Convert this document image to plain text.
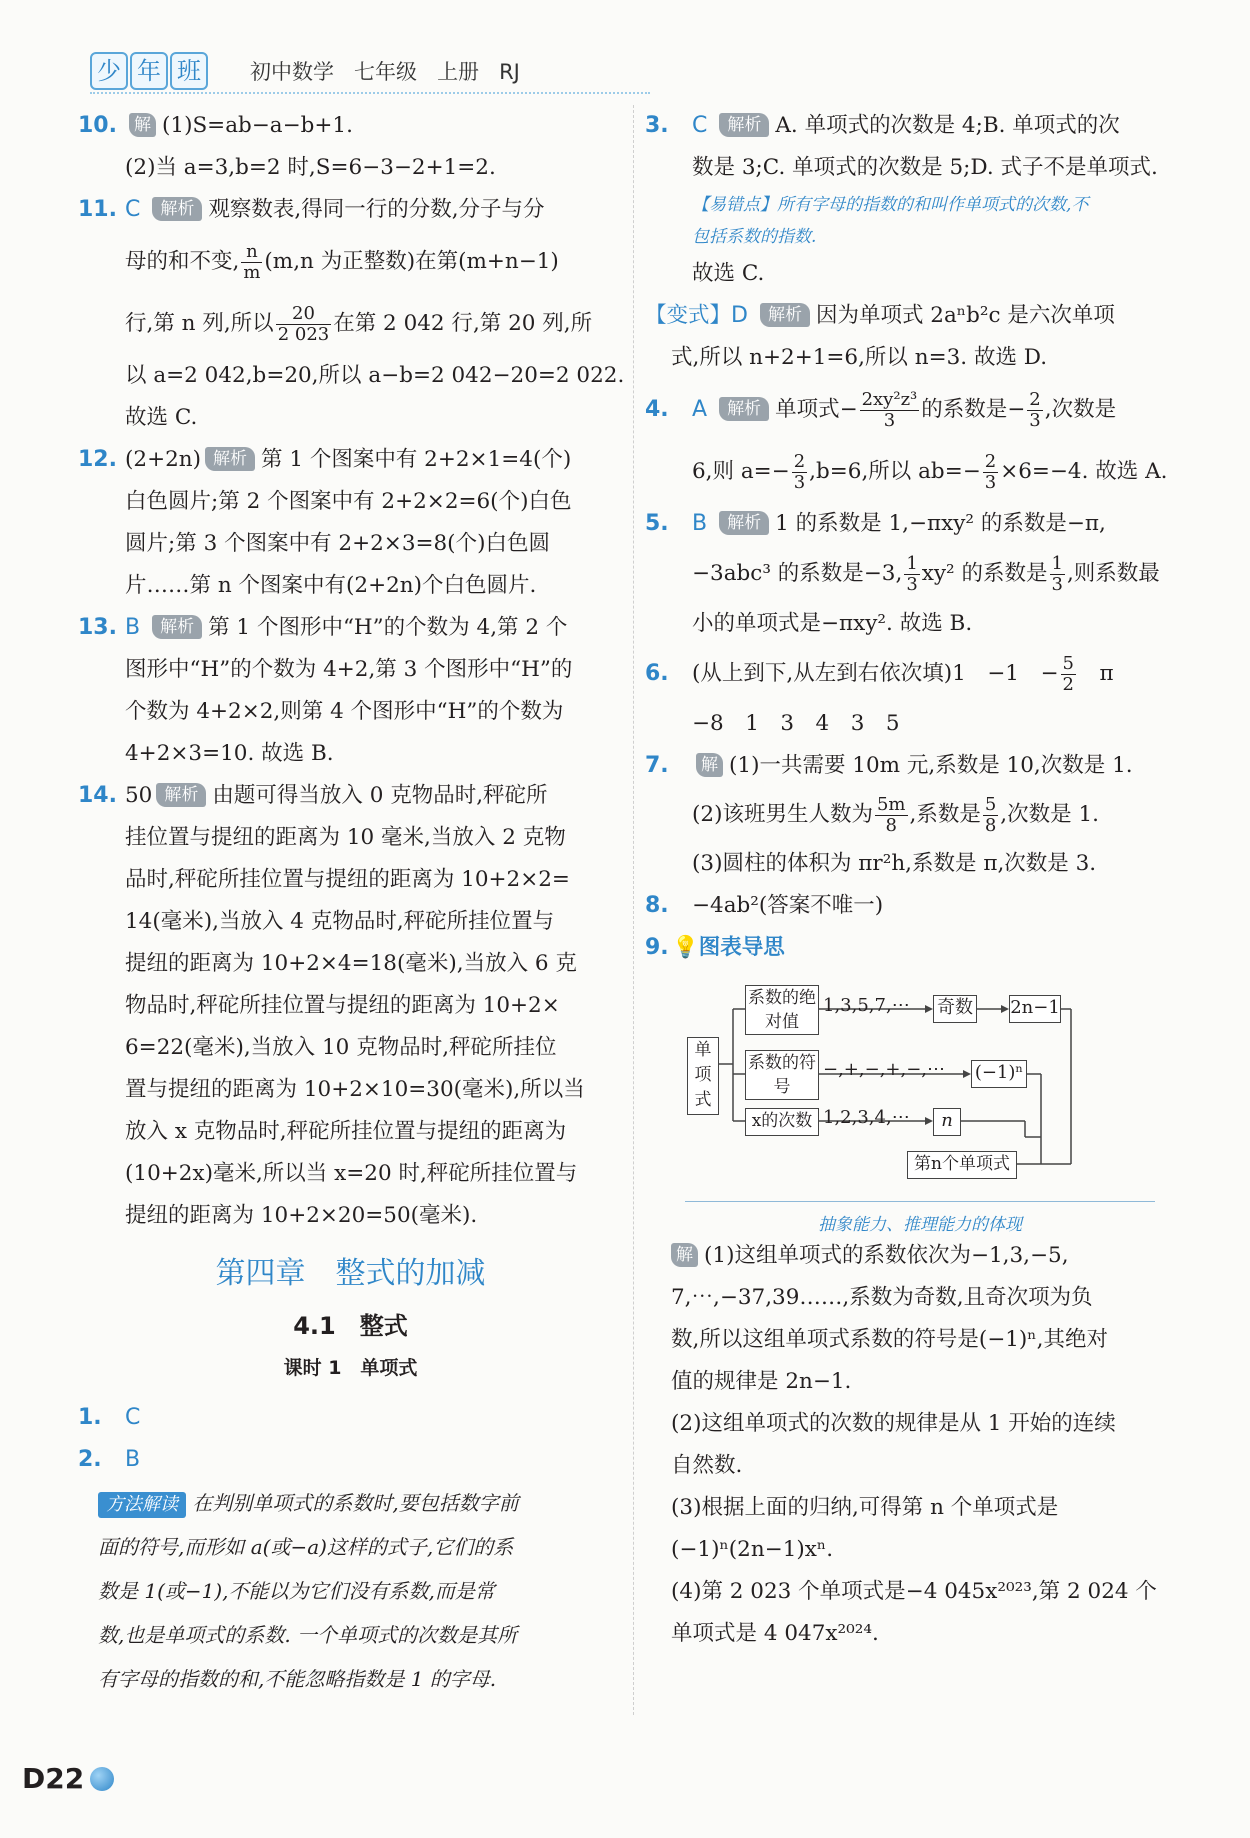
少 年 班	初中数学 七年级 上册 RJ
10.	解 (1)S=ab−a−b+1.
(2)当 a=3,b=2 时,S=6−3−2+1=2.
11. C 解析 观察数表,得同一行的分数,分子与分
母的和不变, $\frac{n}{m} (m,n$ 为正整数)在第(m+n−1)
行,第 n 列,所以 $\frac{20}{2 023}$ 在第 2 042 行,第 20 列,所
以 a=2 042,b=20,所以 a−b=2 042−20=2 022.
故选 C.
12. (2+2n) 解析 第 1 个图案中有 2+2×1=4(个)
白色圆片;第 2 个图案中有 2+2×2=6(个)白色
圆片;第 3 个图案中有 2+2×3=8(个)白色圆
片……第 n 个图案中有(2+2n)个白色圆片.
13. B 解析 第 1 个图形中“H”的个数为 4,第 2 个
图形中“H”的个数为 4+2,第 3 个图形中“H”的
个数为 4+2×2,则第 4 个图形中“H”的个数为
4+2×3=10. 故选 B.
14. 50 解析 由题可得当放入 0 克物品时,秤砣所
挂位置与提纽的距离为 10 毫米,当放入 2 克物
品时,秤砣所挂位置与提纽的距离为 10+2×2=
14(毫米),当放入 4 克物品时,秤砣所挂位置与
提纽的距离为 10+2×4=18(毫米),当放入 6 克
物品时,秤砣所挂位置与提纽的距离为 10+2×
6=22(毫米),当放入 10 克物品时,秤砣所挂位
置与提纽的距离为 10+2×10=30(毫米),所以当
放入 x 克物品时,秤砣所挂位置与提纽的距离为
(10+2x)毫米,所以当 x=20 时,秤砣所挂位置与
提纽的距离为 10+2×20=50(毫米).
第四章　整式的加减
4.1　整式
课时 1　单项式
1. C
2. B
方法解读 在判别单项式的系数时,要包括数字前
面的符号,而形如 a(或−a)这样的式子,它们的系
数是 1(或−1),不能以为它们没有系数,而是常
数,也是单项式的系数. 一个单项式的次数是其所
有字母的指数的和,不能忽略指数是 1 的字母.
3. C 解析 A. 单项式的次数是 4;B. 单项式的次
数是 3;C. 单项式的次数是 5;D. 式子不是单项式.
【易错点】所有字母的指数的和叫作单项式的次数,不
包括系数的指数.
故选 C.
【变式】D 解析 因为单项式 2aⁿb²c 是六次单项
式,所以 n+2+1=6,所以 n=3. 故选 D.
4. A 解析 单项式− $\frac{\text{2xy²z³}}{3}$ 的系数是− $\frac{2}{3}$ ,次数是
6,则 $a=- \frac{2}{3} ,b=6$,所以 $ab=- \frac{2}{3} \times 6=-4$. 故选 A.
5. B 解析 1 的系数是 1,−πxy² 的系数是−π,
−3abc³ 的系数是−3, $\frac{1}{3} xy^2$ 的系数是 $\frac{1}{3}$ ,则系数最
小的单项式是−πxy². 故选 B.
6. (从上到下,从左到右依次填)1　−1　− $\frac{5}{2}$ 　π
−8　1　3　4　3　5
7.	解 (1)一共需要 10m 元,系数是 10,次数是 1.
(2)该班男生人数为 $\frac{5m}{8}$ ,系数是 $\frac{5}{8}$ ,次数是 1.
(3)圆柱的体积为 πr²h,系数是 π,次数是 3.
8. −4ab²(答案不唯一)
9. 💡图表导思
单项式
系数的绝对值
1,3,5,7,⋯ 奇数 2n−1
系数的符号
−,+,−,+,−,⋯ (−1)ⁿ
x的次数 1,2,3,4,⋯	n
第n个单项式
抽象能力、推理能力的体现
解 (1)这组单项式的系数依次为−1,3,−5,
7,⋯,−37,39……,系数为奇数,且奇次项为负
数,所以这组单项式系数的符号是(−1)ⁿ,其绝对
值的规律是 2n−1.
(2)这组单项式的次数的规律是从 1 开始的连续
自然数.
(3)根据上面的归纳,可得第 n 个单项式是
(−1)ⁿ(2n−1)xⁿ.
(4)第 2 023 个单项式是−4 045x²⁰²³,第 2 024 个
单项式是 4 047x²⁰²⁴.
D22
